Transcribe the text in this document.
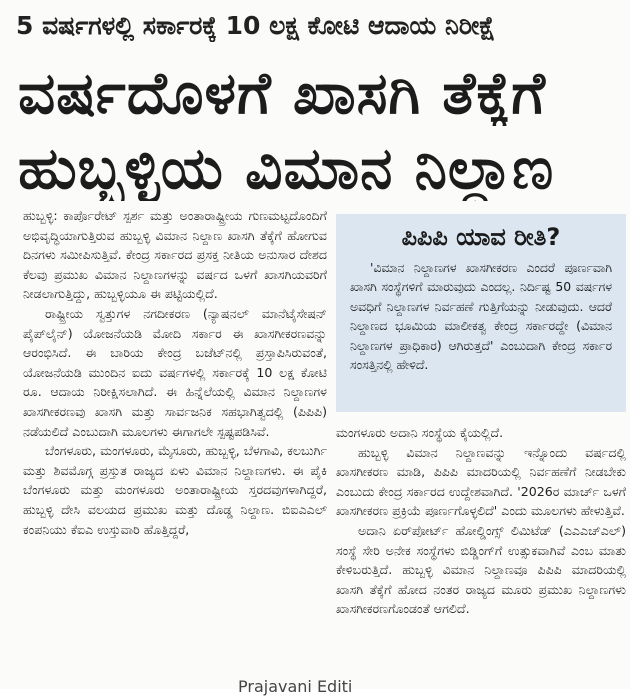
5 ವರ್ಷಗಳಲ್ಲಿ ಸರ್ಕಾರಕ್ಕೆ 10 ಲಕ್ಷ ಕೋಟಿ ಆದಾಯ ನಿರೀಕ್ಷೆ
ವರ್ಷದೊಳಗೆ ಖಾಸಗಿ ತೆಕ್ಕೆಗೆ
ಹುಬ್ಬಳ್ಳಿಯ ವಿಮಾನ ನಿಲ್ದಾಣ

ಹುಬ್ಬಳ್ಳಿ: ಕಾರ್ಪೊರೇಟ್ ಸ್ಪರ್ಶ ಮತ್ತು ಅಂತಾರಾಷ್ಟ್ರೀಯ ಗುಣಮಟ್ಟದೊಂದಿಗೆ ಅಭಿವೃದ್ಧಿಯಾಗುತ್ತಿರುವ ಹುಬ್ಬಳ್ಳಿ ವಿಮಾನ ನಿಲ್ದಾಣ ಖಾಸಗಿ ತೆಕ್ಕೆಗೆ ಹೋಗುವ ದಿನಗಳು ಸಮೀಪಿಸುತ್ತಿವೆ. ಕೇಂದ್ರ ಸರ್ಕಾರದ ಪ್ರಸಕ್ತ ನೀತಿಯ ಅನುಸಾರ ದೇಶದ ಕೆಲವು ಪ್ರಮುಖ ವಿಮಾನ ನಿಲ್ದಾಣಗಳನ್ನು ವರ್ಷದ ಒಳಗೆ ಖಾಸಗಿಯವರಿಗೆ ನೀಡಲಾಗುತ್ತಿದ್ದು, ಹುಬ್ಬಳ್ಳಿಯೂ ಈ ಪಟ್ಟಿಯಲ್ಲಿದೆ.

ರಾಷ್ಟ್ರೀಯ ಸ್ವತ್ತುಗಳ ನಗದೀಕರಣ (ನ್ಯಾಷನಲ್ ಮಾನೆಟೈಸೇಷನ್ ಪೈಪ್‌ಲೈನ್) ಯೋಜನೆಯಡಿ ಮೋದಿ ಸರ್ಕಾರ ಈ ಖಾಸಗೀಕರಣವನ್ನು ಆರಂಭಿಸಿದೆ. ಈ ಬಾರಿಯ ಕೇಂದ್ರ ಬಜೆಟ್‌ನಲ್ಲಿ ಪ್ರಸ್ತಾಪಿಸಿರುವಂತೆ, ಯೋಜನೆಯಡಿ ಮುಂದಿನ ಐದು ವರ್ಷಗಳಲ್ಲಿ ಸರ್ಕಾರಕ್ಕೆ 10 ಲಕ್ಷ ಕೋಟಿ ರೂ. ಆದಾಯ ನಿರೀಕ್ಷಿಸಲಾಗಿದೆ. ಈ ಹಿನ್ನೆಲೆಯಲ್ಲಿ ವಿಮಾನ ನಿಲ್ದಾಣಗಳ ಖಾಸಗೀಕರಣವು ಖಾಸಗಿ ಮತ್ತು ಸಾರ್ವಜನಿಕ ಸಹಭಾಗಿತ್ವದಲ್ಲಿ (ಪಿಪಿಪಿ) ನಡೆಯಲಿದೆ ಎಂಬುದಾಗಿ ಮೂಲಗಳು ಈಗಾಗಲೇ ಸ್ಪಷ್ಟಪಡಿಸಿವೆ.

ಬೆಂಗಳೂರು, ಮಂಗಳೂರು, ಮೈಸೂರು, ಹುಬ್ಬಳ್ಳಿ, ಬೆಳಗಾವಿ, ಕಲಬುರ್ಗಿ ಮತ್ತು ಶಿವಮೊಗ್ಗ ಪ್ರಸ್ತುತ ರಾಜ್ಯದ ಏಳು ವಿಮಾನ ನಿಲ್ದಾಣಗಳು. ಈ ಪೈಕಿ ಬೆಂಗಳೂರು ಮತ್ತು ಮಂಗಳೂರು ಅಂತಾರಾಷ್ಟ್ರೀಯ ಸ್ತರದವುಗಳಾಗಿದ್ದರೆ, ಹುಬ್ಬಳ್ಳಿ ದೇಸಿ ವಲಯದ ಪ್ರಮುಖ ಮತ್ತು ದೊಡ್ಡ ನಿಲ್ದಾಣ. ಬಿಐಎಎಲ್ ಕಂಪನಿಯು ಕೆಐಎ ಉಸ್ತುವಾರಿ ಹೊತ್ತಿದ್ದರೆ,

ಪಿಪಿಪಿ ಯಾವ ರೀತಿ?
'ವಿಮಾನ ನಿಲ್ದಾಣಗಳ ಖಾಸಗೀಕರಣ ಎಂದರೆ ಪೂರ್ಣವಾಗಿ ಖಾಸಗಿ ಸಂಸ್ಥೆಗಳಿಗೆ ಮಾರುವುದು ಎಂದಲ್ಲ. ನಿರ್ದಿಷ್ಟ 50 ವರ್ಷಗಳ ಅವಧಿಗೆ ನಿಲ್ದಾಣಗಳ ನಿರ್ವಹಣೆ ಗುತ್ತಿಗೆಯನ್ನು ನೀಡುವುದು. ಆದರೆ ನಿಲ್ದಾಣದ ಭೂಮಿಯ ಮಾಲೀಕತ್ವ ಕೇಂದ್ರ ಸರ್ಕಾರದ್ದೇ (ವಿಮಾನ ನಿಲ್ದಾಣಗಳ ಪ್ರಾಧಿಕಾರ) ಆಗಿರುತ್ತದೆ' ಎಂಬುದಾಗಿ ಕೇಂದ್ರ ಸರ್ಕಾರ ಸಂಸತ್ತಿನಲ್ಲಿ ಹೇಳಿದೆ.

ಮಂಗಳೂರು ಅದಾನಿ ಸಂಸ್ಥೆಯ ಕೈಯಲ್ಲಿದೆ.

ಹುಬ್ಬಳ್ಳಿ ವಿಮಾನ ನಿಲ್ದಾಣವನ್ನು ಇನ್ನೊಂದು ವರ್ಷದಲ್ಲಿ ಖಾಸಗೀಕರಣ ಮಾಡಿ, ಪಿಪಿಪಿ ಮಾದರಿಯಲ್ಲಿ ನಿರ್ವಹಣೆಗೆ ನೀಡಬೇಕು ಎಂಬುದು ಕೇಂದ್ರ ಸರ್ಕಾರದ ಉದ್ದೇಶವಾಗಿದೆ. '2026ರ ಮಾರ್ಚ್ ಒಳಗೆ ಖಾಸಗೀಕರಣ ಪ್ರಕ್ರಿಯೆ ಪೂರ್ಣಗೊಳ್ಳಲಿದೆ' ಎಂದು ಮೂಲಗಳು ಹೇಳುತ್ತಿವೆ.

ಅದಾನಿ ಏರ್‌ಪೋರ್ಟ್ ಹೋಲ್ಡಿಂಗ್ಸ್ ಲಿಮಿಟೆಡ್ (ಎಎಎಚ್‌ಎಲ್) ಸಂಸ್ಥೆ ಸೇರಿ ಅನೇಕ ಸಂಸ್ಥೆಗಳು ಬಿಡ್ಡಿಂಗ್‌ಗೆ ಉತ್ಸುಕವಾಗಿವೆ ಎಂಬ ಮಾತು ಕೇಳಿಬರುತ್ತಿದೆ. ಹುಬ್ಬಳ್ಳಿ ವಿಮಾನ ನಿಲ್ದಾಣವೂ ಪಿಪಿಪಿ ಮಾದರಿಯಲ್ಲಿ ಖಾಸಗಿ ತೆಕ್ಕೆಗೆ ಹೋದ ನಂತರ ರಾಜ್ಯದ ಮೂರು ಪ್ರಮುಖ ನಿಲ್ದಾಣಗಳು ಖಾಸಗೀಕರಣಗೊಂಡಂತೆ ಆಗಲಿದೆ.

Prajavani Editi
